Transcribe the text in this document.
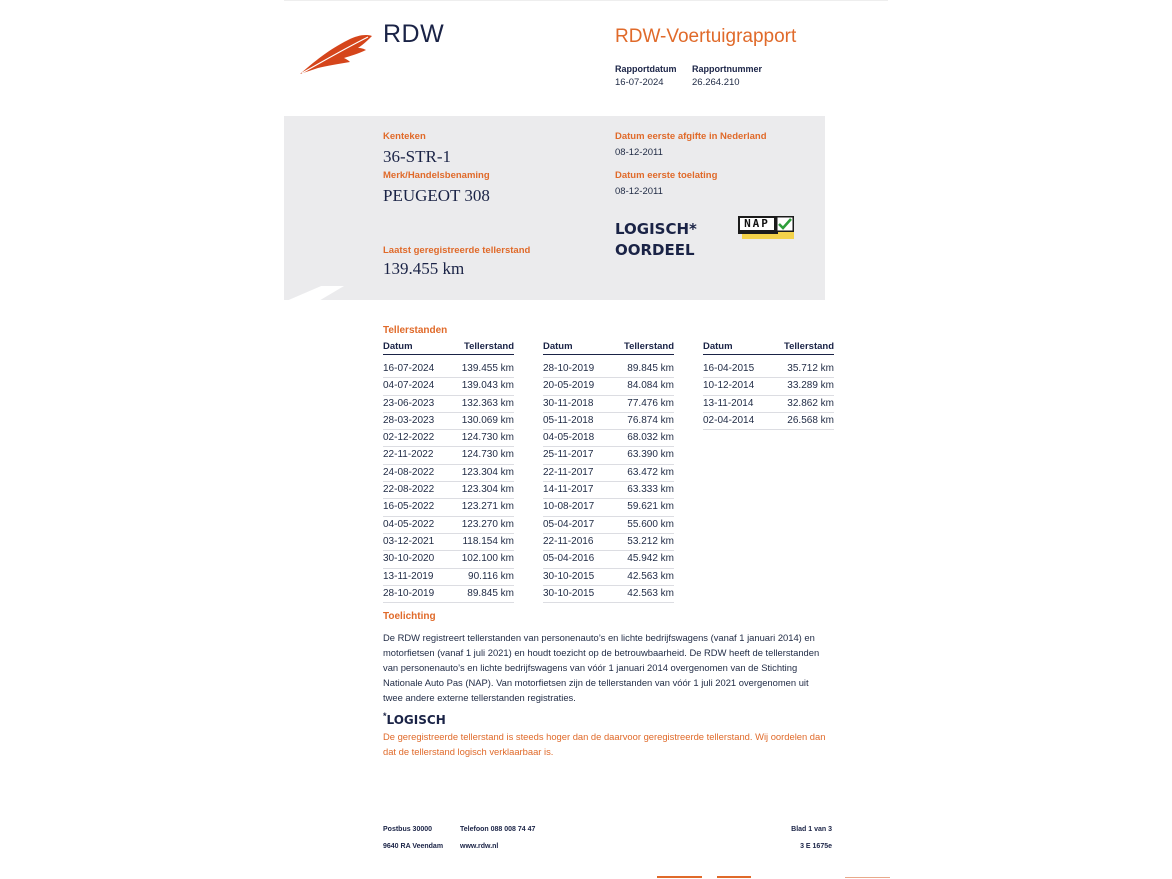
RDW	RDW-Voertuigrapport
Rapportdatum
16-07-2024
Rapportnummer
26.264.210
Kenteken
36-STR-1
Merk/Handelsbenaming
PEUGEOT 308
Laatst geregistreerde tellerstand
139.455 km
Datum eerste afgifte in Nederland
08-12-2011
Datum eerste toelating
08-12-2011
LOGISCH*
OORDEEL
NAP
Tellerstanden
Datum	Tellerstand
16-07-2024	139.455 km
04-07-2024	139.043 km
23-06-2023	132.363 km
28-03-2023	130.069 km
02-12-2022	124.730 km
22-11-2022	124.730 km
24-08-2022	123.304 km
22-08-2022	123.304 km
16-05-2022	123.271 km
04-05-2022	123.270 km
03-12-2021	118.154 km
30-10-2020	102.100 km
13-11-2019	90.116 km
28-10-2019	89.845 km
Datum	Tellerstand
28-10-2019	89.845 km
20-05-2019	84.084 km
30-11-2018	77.476 km
05-11-2018	76.874 km
04-05-2018	68.032 km
25-11-2017	63.390 km
22-11-2017	63.472 km
14-11-2017	63.333 km
10-08-2017	59.621 km
05-04-2017	55.600 km
22-11-2016	53.212 km
05-04-2016	45.942 km
30-10-2015	42.563 km
30-10-2015	42.563 km
Datum	Tellerstand
16-04-2015	35.712 km
10-12-2014	33.289 km
13-11-2014	32.862 km
02-04-2014	26.568 km
Toelichting
De RDW registreert tellerstanden van personenauto’s en lichte bedrijfswagens (vanaf 1 januari 2014) en
motorfietsen (vanaf 1 juli 2021) en houdt toezicht op de betrouwbaarheid. De RDW heeft de tellerstanden
van personenauto’s en lichte bedrijfswagens van vóór 1 januari 2014 overgenomen van de Stichting
Nationale Auto Pas (NAP). Van motorfietsen zijn de tellerstanden van vóór 1 juli 2021 overgenomen uit
twee andere externe tellerstanden registraties.
*LOGISCH
De geregistreerde tellerstand is steeds hoger dan de daarvoor geregistreerde tellerstand. Wij oordelen dan
dat de tellerstand logisch verklaarbaar is.
Postbus 30000
9640 RA Veendam
Telefoon 088 008 74 47
www.rdw.nl
Blad 1 van 3
3 E 1675e
